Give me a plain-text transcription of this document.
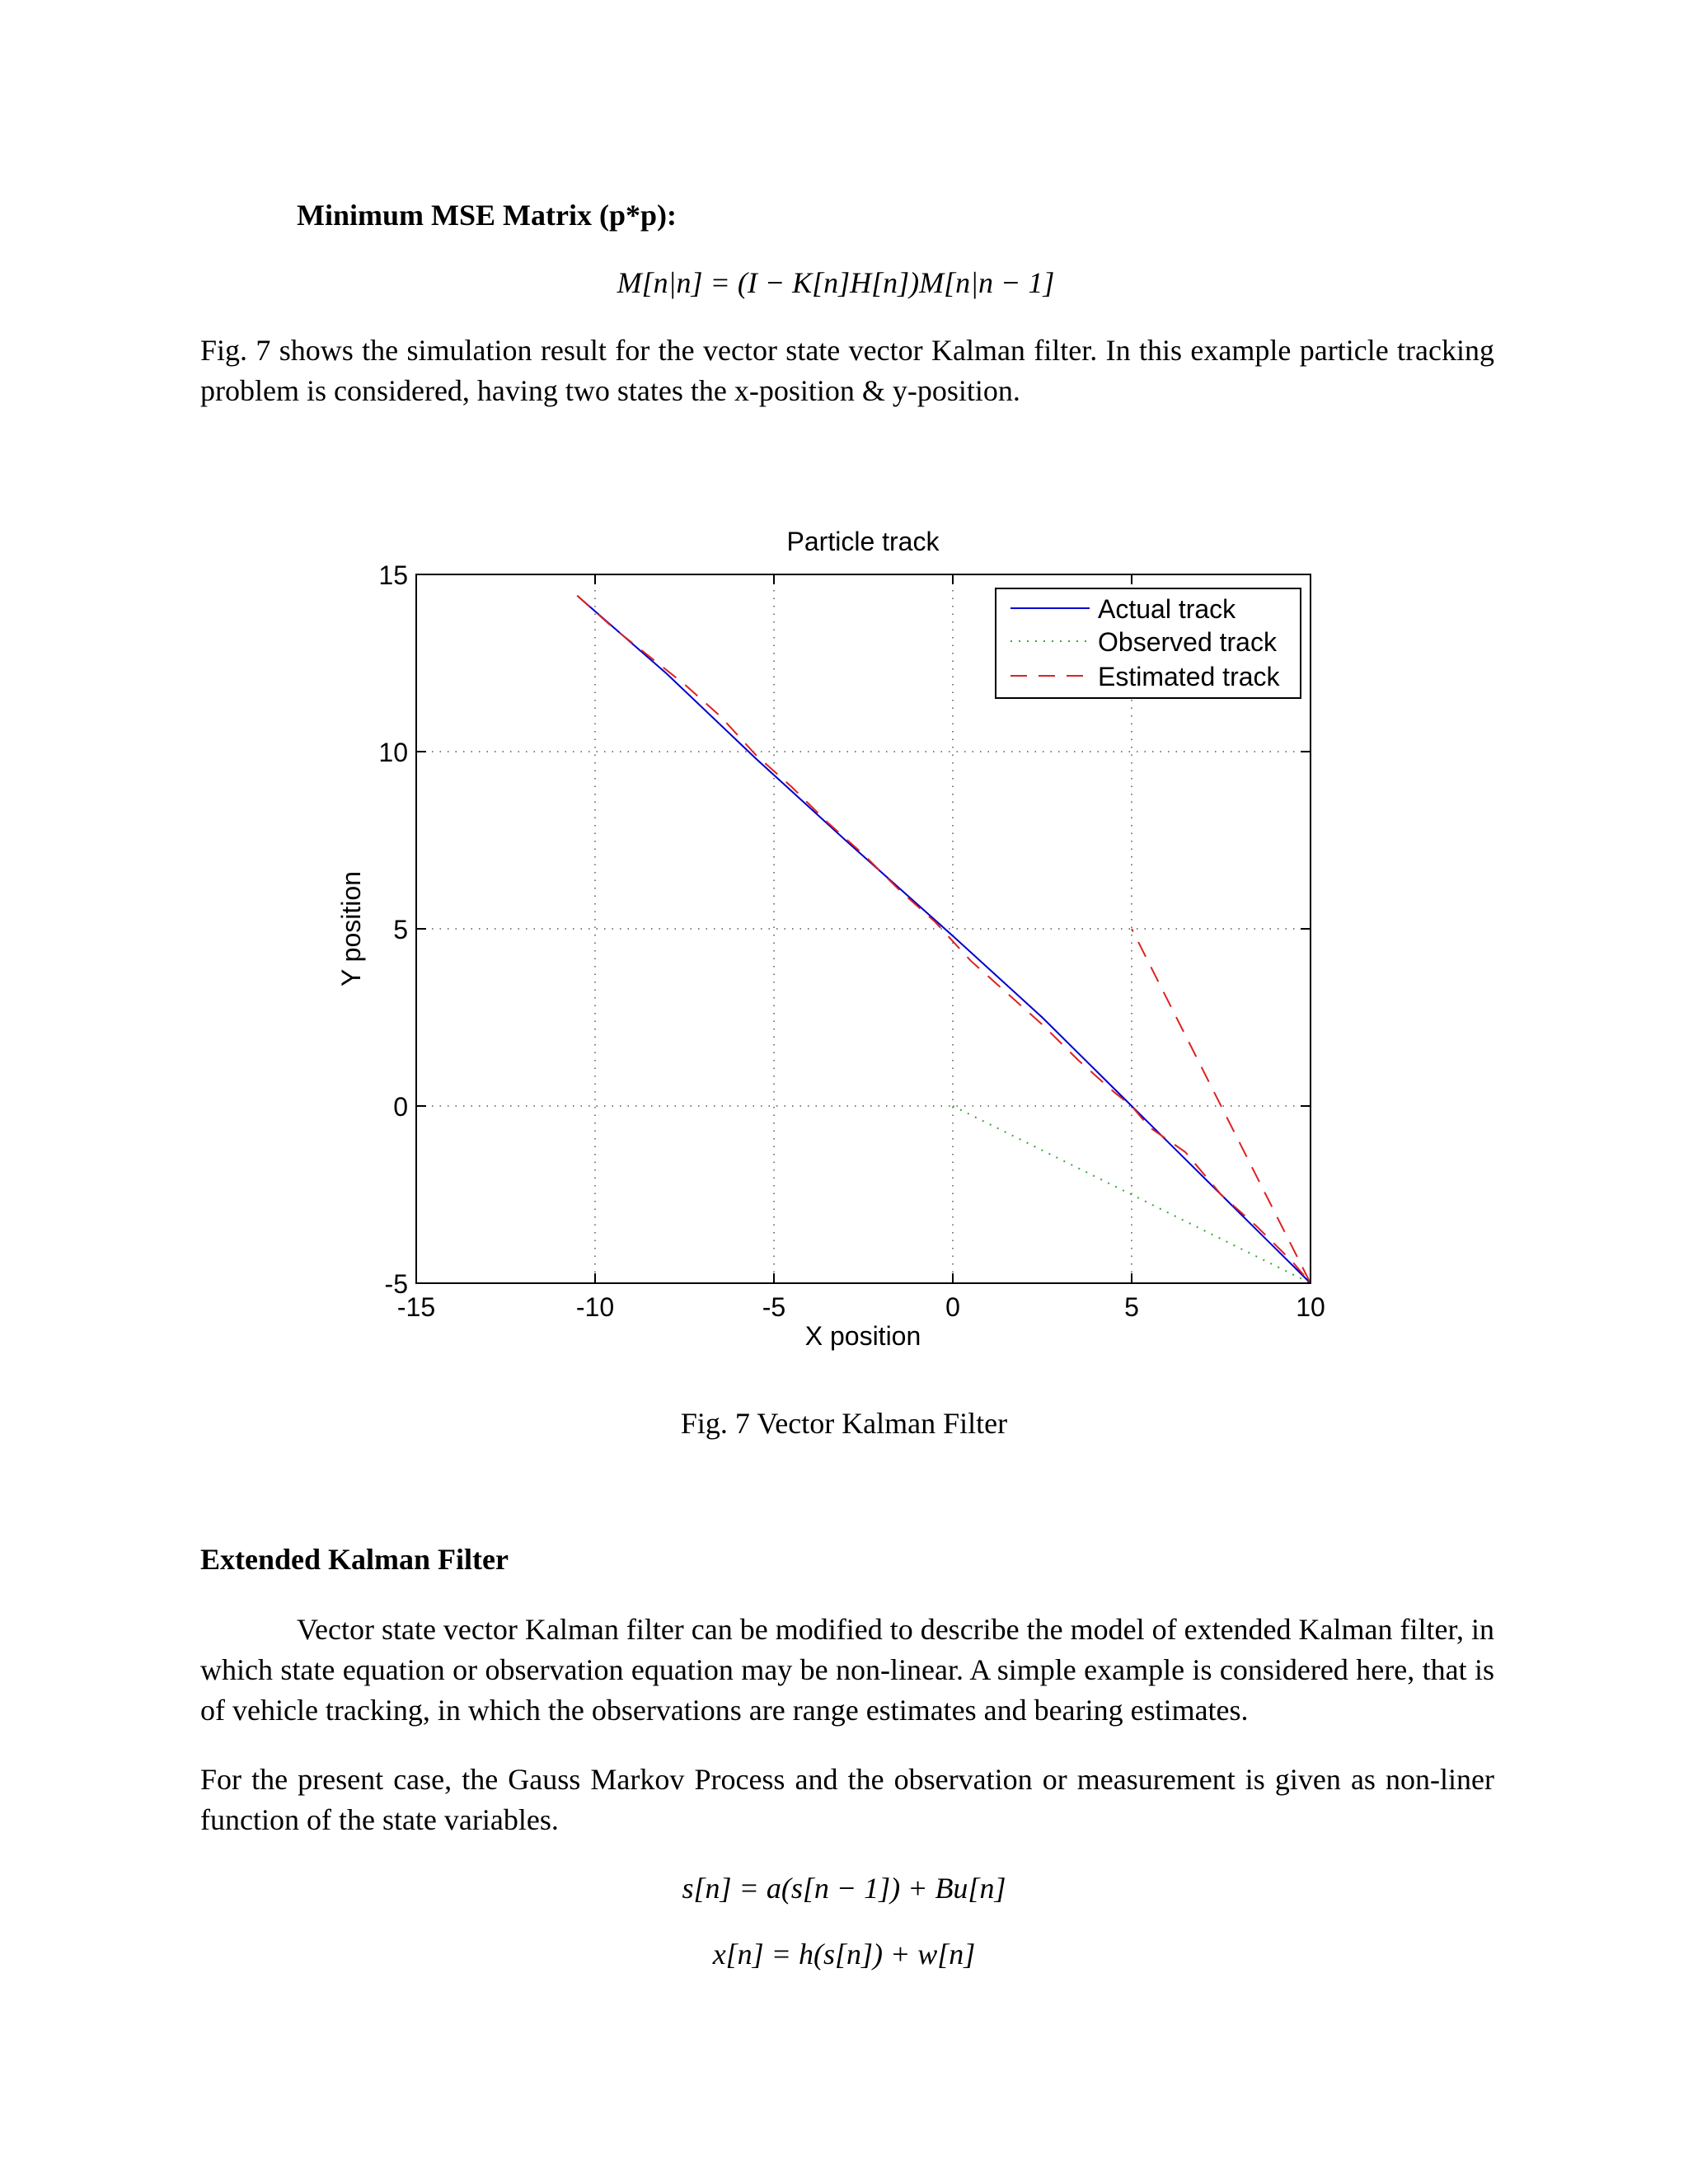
Minimum MSE Matrix (p*p):
M[n|n] = (I − K[n]H[n])M[n|n − 1]
Fig. 7 shows the simulation result for the vector state vector Kalman filter. In this example particle tracking problem is considered, having two states the x-position & y-position.
-15	-10	-5	0	5	10
-5
0
5
10
15
Particle track
X position
Y position
Actual track
Observed track
Estimated track
Fig. 7 Vector Kalman Filter
Extended Kalman Filter
Vector state vector Kalman filter can be modified to describe the model of extended Kalman filter, in which state equation or observation equation may be non-linear. A simple example is considered here, that is of vehicle tracking, in which the observations are range estimates and bearing estimates.
For the present case, the Gauss Markov Process and the observation or measurement is given as non-liner function of the state variables.
s[n] = a(s[n − 1]) + Bu[n]
x[n] = h(s[n]) + w[n]
